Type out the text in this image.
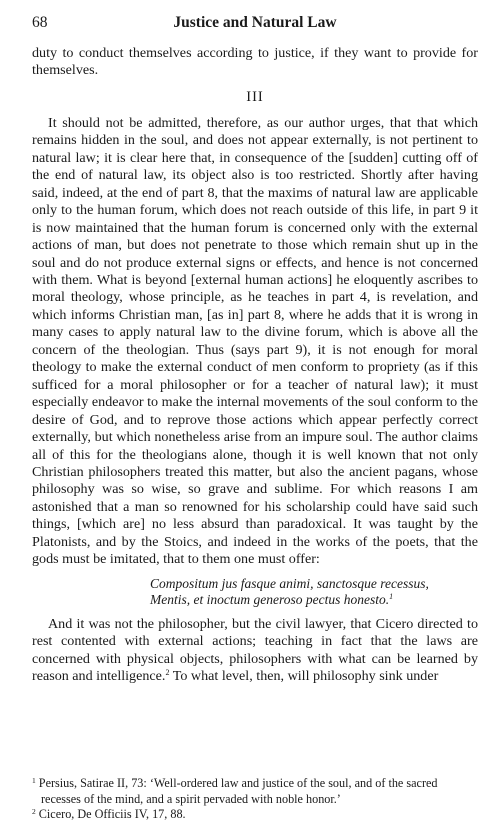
68	Justice and Natural Law

duty to conduct themselves according to justice, if they want to provide for themselves.

III

It should not be admitted, therefore, as our author urges, that that which remains hidden in the soul, and does not appear externally, is not pertinent to natural law; it is clear here that, in consequence of the [sudden] cutting off of the end of natural law, its object also is too restricted. Shortly after having said, indeed, at the end of part 8, that the maxims of natural law are applicable only to the human forum, which does not reach outside of this life, in part 9 it is now maintained that the human forum is concerned only with the external actions of man, but does not penetrate to those which remain shut up in the soul and do not produce external signs or effects, and hence is not concerned with them. What is beyond [external human actions] he eloquently ascribes to moral theology, whose principle, as he teaches in part 4, is revelation, and which informs Christian man, [as in] part 8, where he adds that it is wrong in many cases to apply natural law to the divine forum, which is above all the concern of the theologian. Thus (says part 9), it is not enough for moral theology to make the external conduct of men conform to propriety (as if this sufficed for a moral philosopher or for a teacher of natural law); it must especially endeavor to make the internal movements of the soul conform to the desire of God, and to reprove those actions which appear perfectly correct externally, but which nonetheless arise from an impure soul. The author claims all of this for the theologians alone, though it is well known that not only Christian philosophers treated this matter, but also the ancient pagans, whose philosophy was so wise, so grave and sublime. For which reasons I am astonished that a man so renowned for his scholarship could have said such things, [which are] no less absurd than paradoxical. It was taught by the Platonists, and by the Stoics, and indeed in the works of the poets, that the gods must be imitated, that to them one must offer:

Compositum jus fasque animi, sanctosque recessus,
Mentis, et inoctum generoso pectus honesto.$^1$

And it was not the philosopher, but the civil lawyer, that Cicero directed to rest contented with external actions; teaching in fact that the laws are concerned with physical objects, philosophers with what can be learned by reason and intelligence.$^2$ To what level, then, will philosophy sink under

$^1$ Persius, Satirae II, 73: ‘Well-ordered law and justice of the soul, and of the sacred recesses of the mind, and a spirit pervaded with noble honor.’

$^2$ Cicero, De Officiis IV, 17, 88.
